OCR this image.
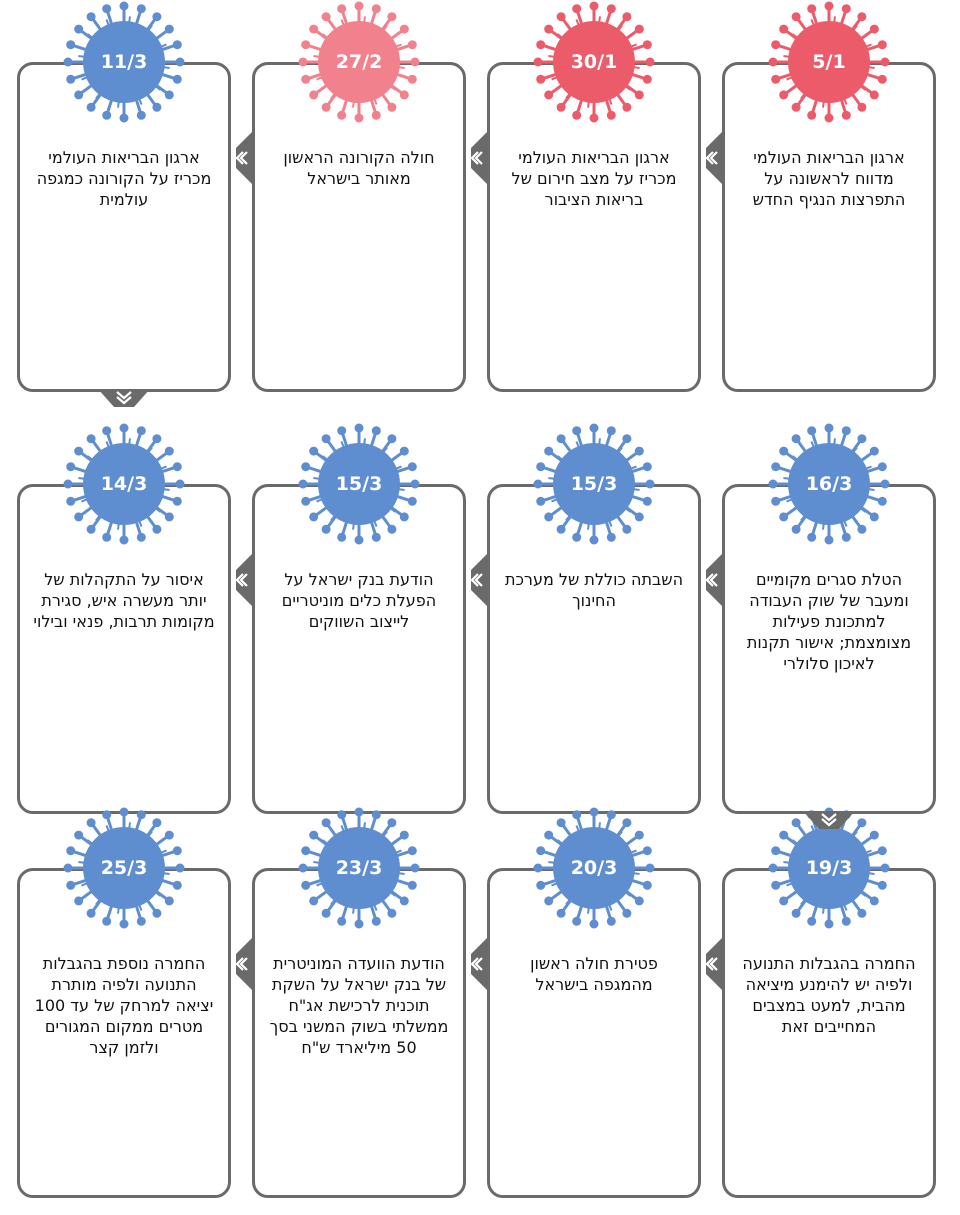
ארגון הבריאות העולמי מדווח לראשונה על התפרצות הנגיף החדש
5/1
ארגון הבריאות העולמי מכריז על מצב חירום של בריאות הציבור
30/1
חולה הקורונה הראשון מאותר בישראל
27/2
ארגון הבריאות העולמי מכריז על הקורונה כמגפה עולמית
11/3
הטלת סגרים מקומיים ומעבר של שוק העבודה למתכונת פעילות מצומצמת; אישור תקנות לאיכון סלולרי
16/3
השבתה כוללת של מערכת החינוך
15/3
הודעת בנק ישראל על הפעלת כלים מוניטריים לייצוב השווקים
15/3
איסור על התקהלות של יותר מעשרה איש, סגירת מקומות תרבות, פנאי ובילוי
14/3
החמרה בהגבלות התנועה ולפיה יש להימנע מיציאה מהבית, למעט במצבים המחייבים זאת
19/3
פטירת חולה ראשון מהמגפה בישראל
20/3
הודעת הוועדה המוניטרית של בנק ישראל על השקת תוכנית לרכישת אג"ח ממשלתי בשוק המשני בסך 50 מיליארד ש"ח
23/3
החמרה נוספת בהגבלות התנועה ולפיה מותרת יציאה למרחק של עד 100 מטרים ממקום המגורים ולזמן קצר
25/3
